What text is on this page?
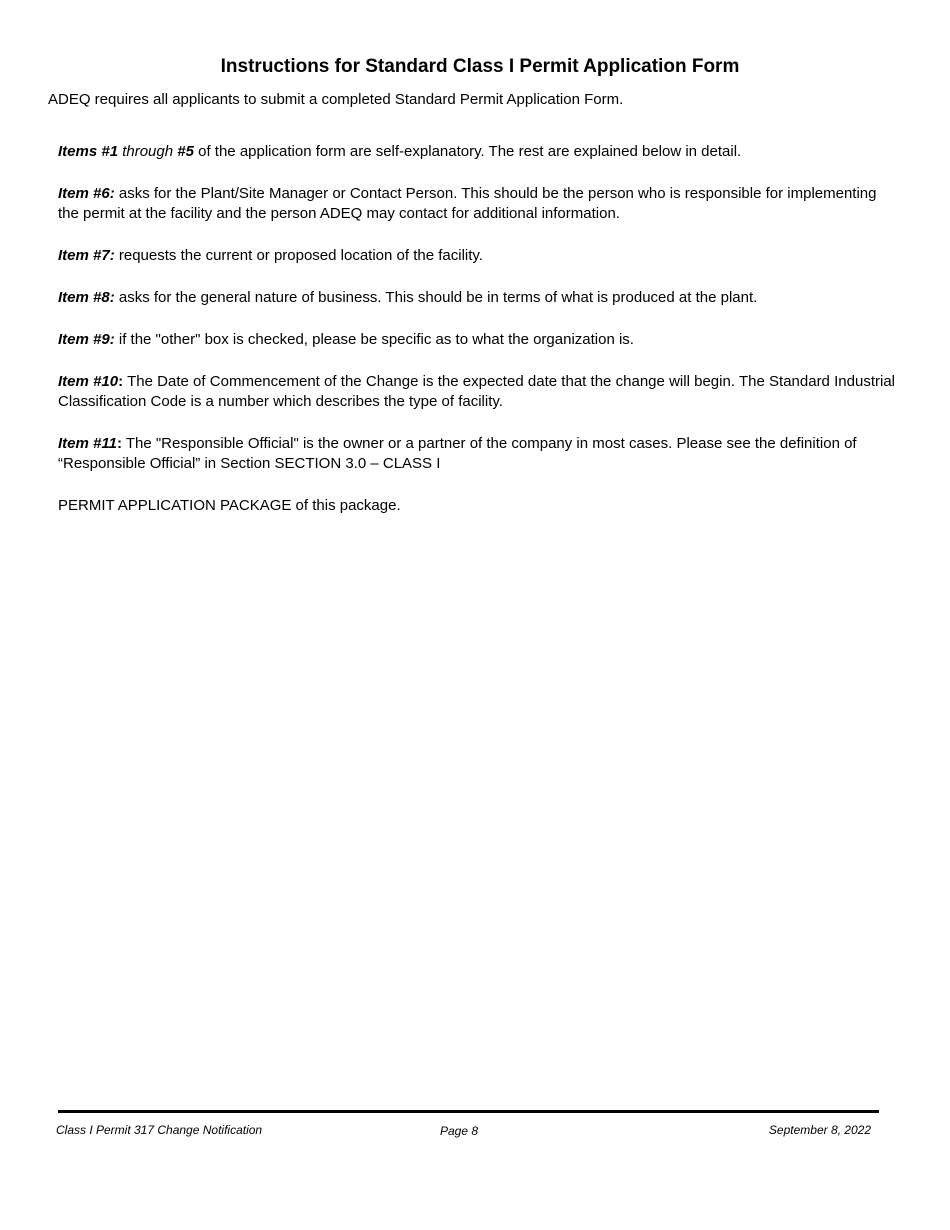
Instructions for Standard Class I Permit Application Form

ADEQ requires all applicants to submit a completed Standard Permit Application Form.

Items #1 through #5 of the application form are self-explanatory. The rest are explained below in detail.

Item #6: asks for the Plant/Site Manager or Contact Person. This should be the person who is responsible for implementing the permit at the facility and the person ADEQ may contact for additional information.

Item #7: requests the current or proposed location of the facility.

Item #8: asks for the general nature of business. This should be in terms of what is produced at the plant.

Item #9: if the "other" box is checked, please be specific as to what the organization is.

Item #10: The Date of Commencement of the Change is the expected date that the change will begin. The Standard Industrial Classification Code is a number which describes the type of facility.

Item #11: The "Responsible Official" is the owner or a partner of the company in most cases. Please see the definition of “Responsible Official” in Section SECTION 3.0 – CLASS I

PERMIT APPLICATION PACKAGE of this package.

Class I Permit 317 Change Notification	Page 8	September 8, 2022
